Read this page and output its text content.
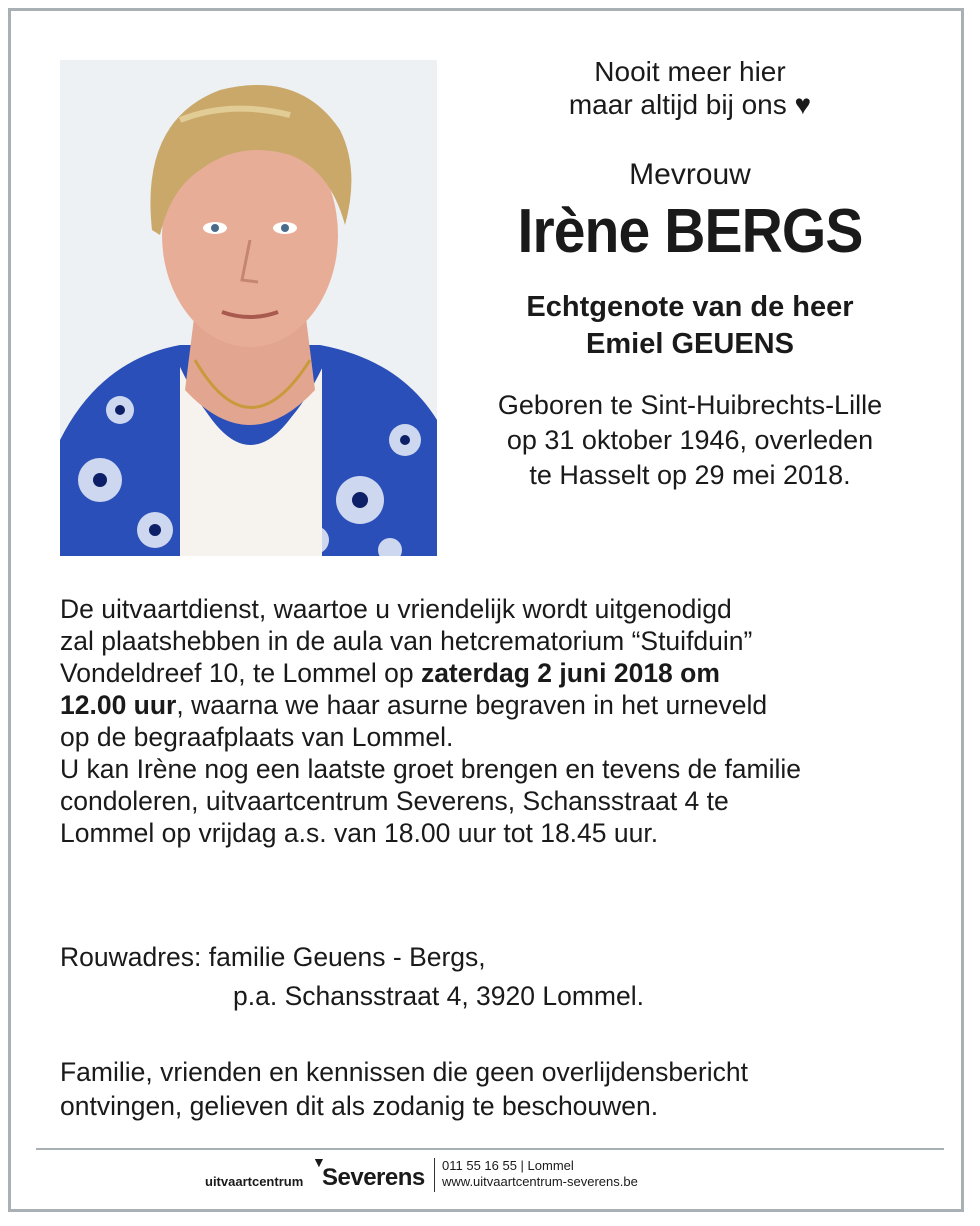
Nooit meer hier
maar altijd bij ons ♥
Mevrouw
Irène BERGS
Echtgenote van de heer
Emiel GEUENS
Geboren te Sint-Huibrechts-Lille
op 31 oktober 1946, overleden
te Hasselt op 29 mei 2018.
De uitvaartdienst, waartoe u vriendelijk wordt uitgenodigd
zal plaatshebben in de aula van hetcrematorium “Stuifduin”
Vondeldreef 10, te Lommel op zaterdag 2 juni 2018 om
12.00 uur, waarna we haar asurne begraven in het urneveld
op de begraafplaats van Lommel.
U kan Irène nog een laatste groet brengen en tevens de familie
condoleren, uitvaartcentrum Severens, Schansstraat 4 te
Lommel op vrijdag a.s. van 18.00 uur tot 18.45 uur.
Rouwadres: familie Geuens - Bergs,
p.a. Schansstraat 4, 3920 Lommel.
Familie, vrienden en kennissen die geen overlijdensbericht
ontvingen, gelieven dit als zodanig te beschouwen.
uitvaartcentrum
▼
Severens 011 55 16 55 | Lommel
www.uitvaartcentrum-severens.be
